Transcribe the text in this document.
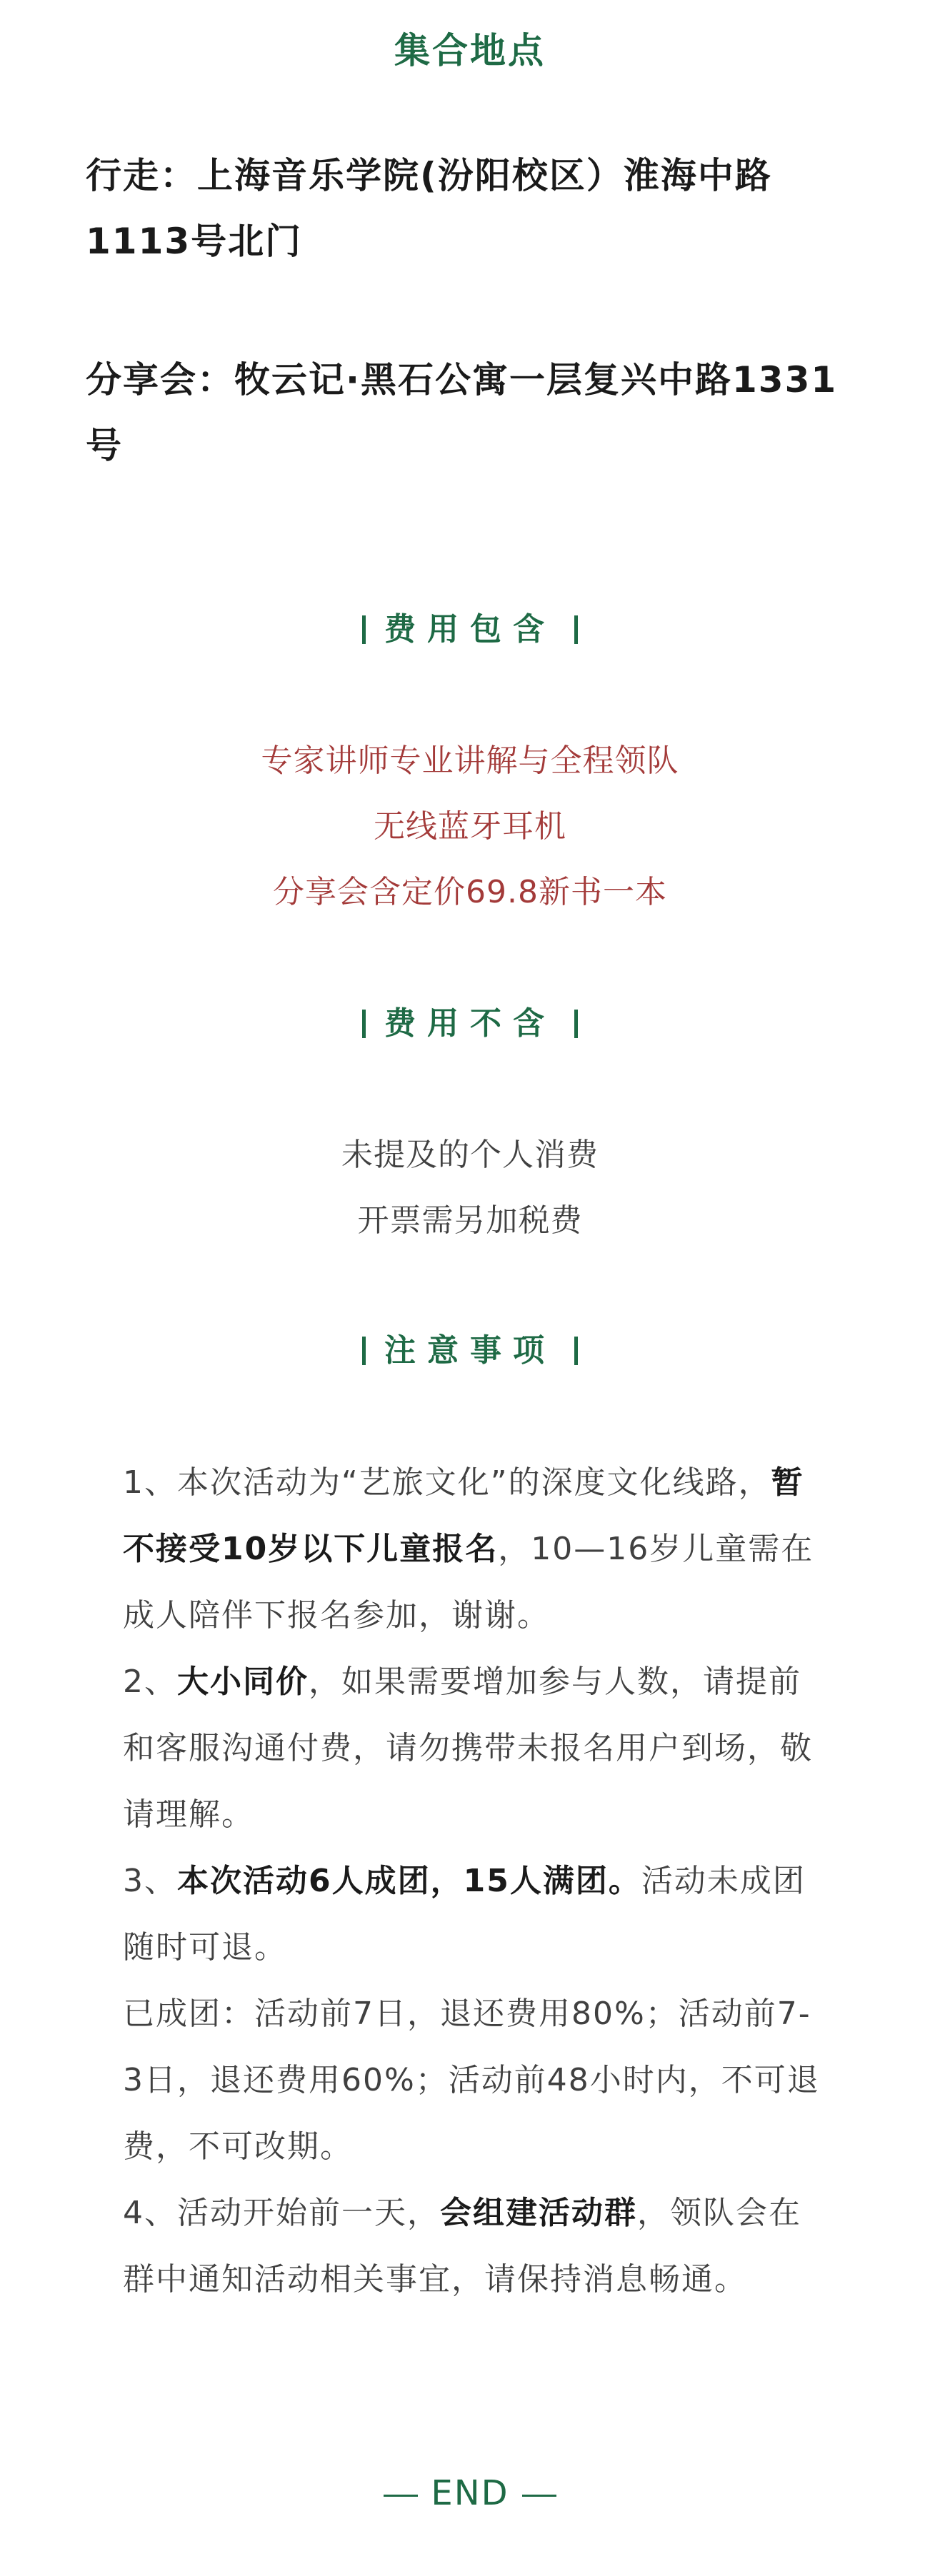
集合地点
行走：上海音乐学院(汾阳校区）淮海中路1113号北门
分享会：牧云记·黑石公寓一层复兴中路1331号
费用包含
专家讲师专业讲解与全程领队
无线蓝牙耳机
分享会含定价69.8新书一本
费用不含
未提及的个人消费
开票需另加税费
注意事项

1、本次活动为“艺旅文化”的深度文化线路，暂不接受10岁以下儿童报名，10—16岁儿童需在成人陪伴下报名参加，谢谢。

2、大小同价，如果需要增加参与人数，请提前和客服沟通付费，请勿携带未报名用户到场，敬请理解。

3、本次活动6人成团，15人满团。活动未成团随时可退。

已成团：活动前7日，退还费用80%；活动前7-3日，退还费用60%；活动前48小时内，不可退费，不可改期。

4、活动开始前一天，会组建活动群，领队会在群中通知活动相关事宜，请保持消息畅通。

END
